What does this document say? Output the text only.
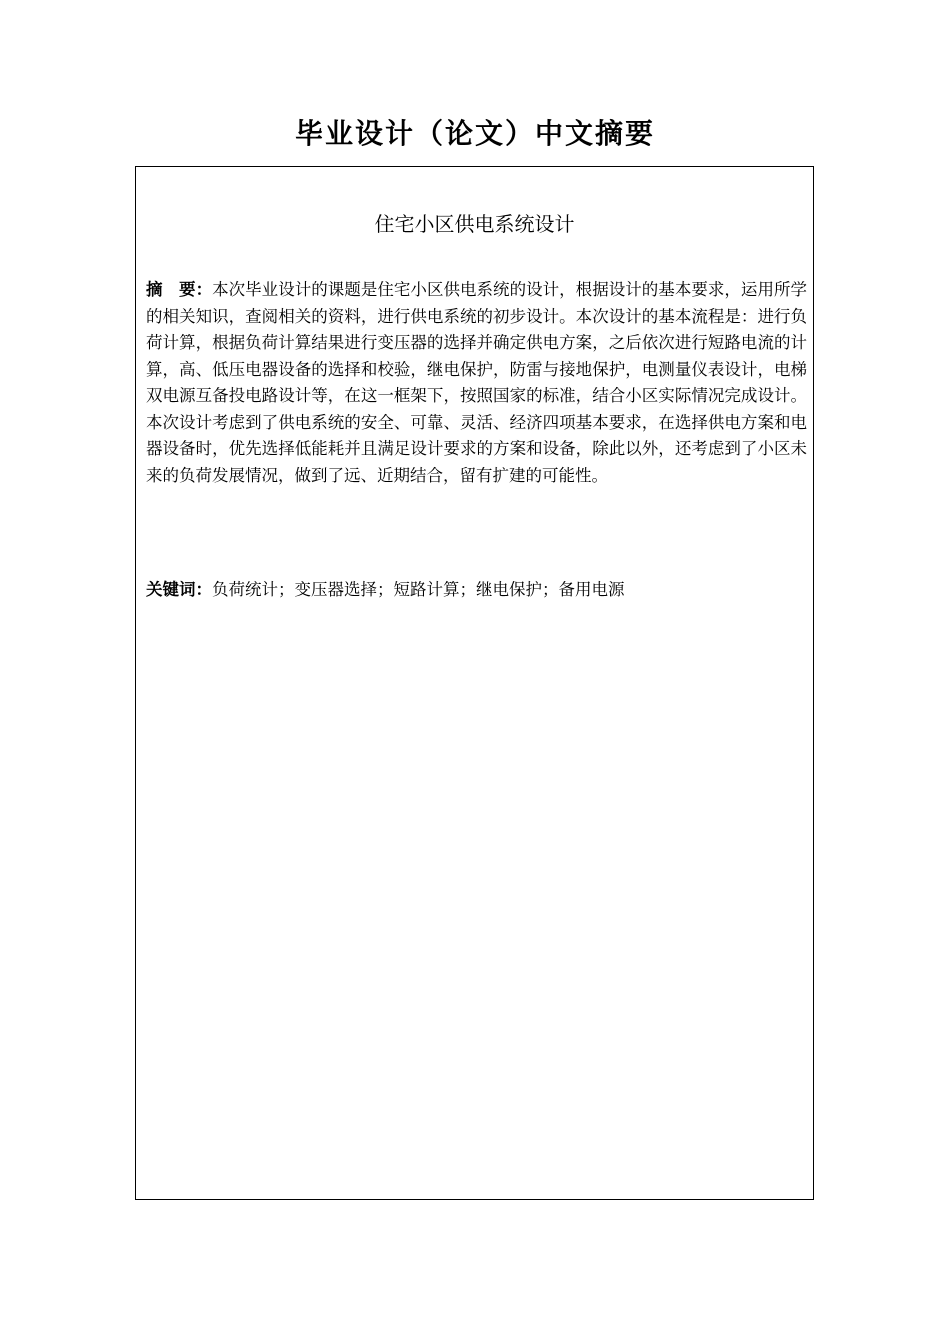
毕业设计（论文）中文摘要
住宅小区供电系统设计
摘　要：本次毕业设计的课题是住宅小区供电系统的设计，根据设计的基本要求，运用所学的相关知识，查阅相关的资料，进行供电系统的初步设计。本次设计的基本流程是：进行负荷计算，根据负荷计算结果进行变压器的选择并确定供电方案，之后依次进行短路电流的计算，高、低压电器设备的选择和校验，继电保护，防雷与接地保护，电测量仪表设计，电梯双电源互备投电路设计等，在这一框架下，按照国家的标准，结合小区实际情况完成设计。本次设计考虑到了供电系统的安全、可靠、灵活、经济四项基本要求，在选择供电方案和电器设备时，优先选择低能耗并且满足设计要求的方案和设备，除此以外，还考虑到了小区未来的负荷发展情况，做到了远、近期结合，留有扩建的可能性。
关键词：负荷统计；变压器选择；短路计算；继电保护；备用电源
